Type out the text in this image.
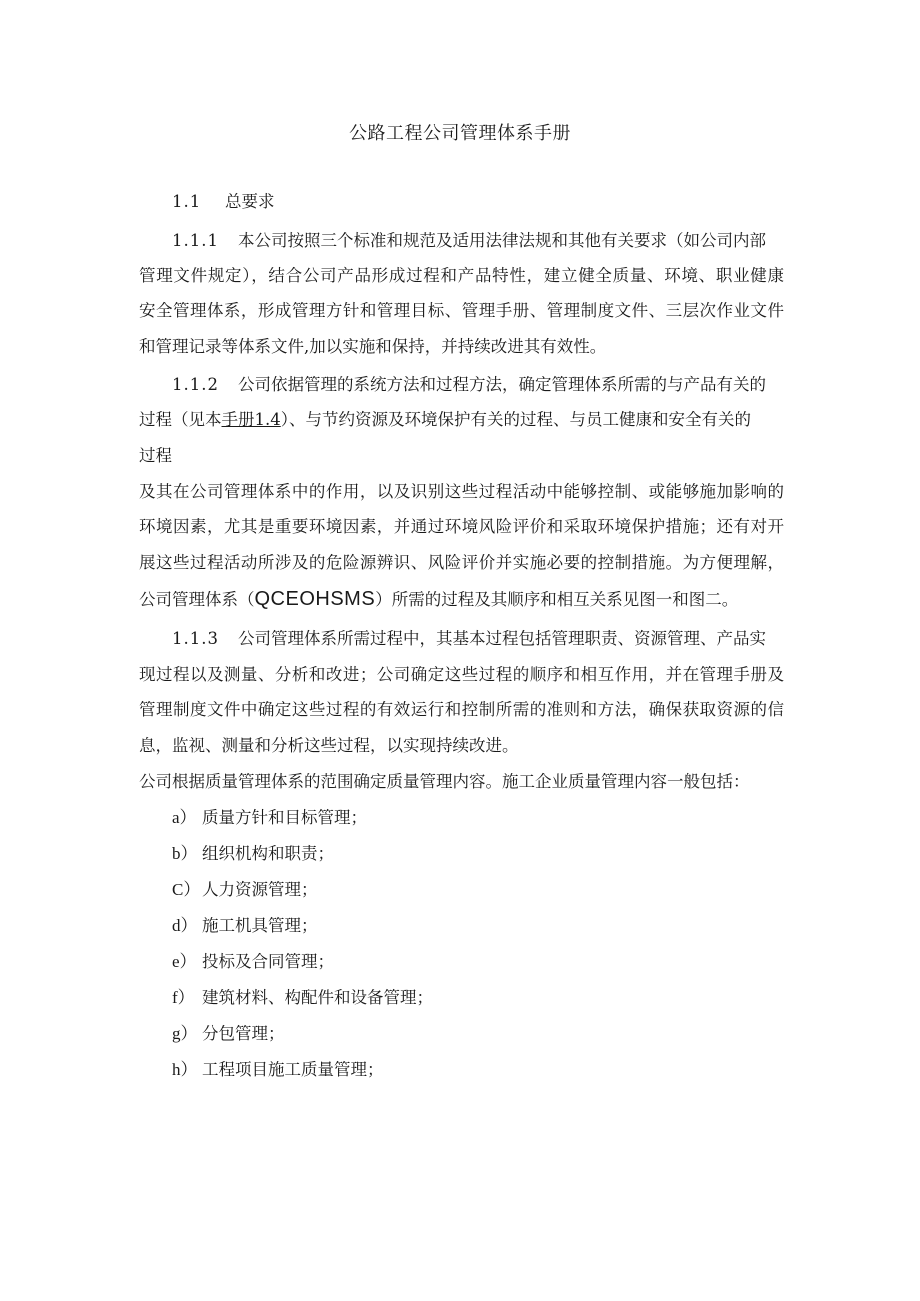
公路工程公司管理体系手册
1.1 总要求
1.1.1 本公司按照三个标准和规范及适用法律法规和其他有关要求（如公司内部
管理文件规定），结合公司产品形成过程和产品特性，建立健全质量、环境、职业健康
安全管理体系，形成管理方针和管理目标、管理手册、管理制度文件、三层次作业文件
和管理记录等体系文件,加以实施和保持，并持续改进其有效性。
1.1.2 公司依据管理的系统方法和过程方法，确定管理体系所需的与产品有关的
过程（见本手册1.4）、与节约资源及环境保护有关的过程、与员工健康和安全有关的
过程
及其在公司管理体系中的作用，以及识别这些过程活动中能够控制、或能够施加影响的
环境因素，尤其是重要环境因素，并通过环境风险评价和采取环境保护措施；还有对开
展这些过程活动所涉及的危险源辨识、风险评价并实施必要的控制措施。为方便理解，
公司管理体系（QCEOHSMS）所需的过程及其顺序和相互关系见图一和图二。
1.1.3 公司管理体系所需过程中，其基本过程包括管理职责、资源管理、产品实
现过程以及测量、分析和改进；公司确定这些过程的顺序和相互作用，并在管理手册及
管理制度文件中确定这些过程的有效运行和控制所需的准则和方法，确保获取资源的信
息，监视、测量和分析这些过程，以实现持续改进。
公司根据质量管理体系的范围确定质量管理内容。施工企业质量管理内容一般包括：
a） 质量方针和目标管理；
b） 组织机构和职责；
C） 人力资源管理；
d） 施工机具管理；
e） 投标及合同管理；
f） 建筑材料、构配件和设备管理；
g） 分包管理；
h） 工程项目施工质量管理；
